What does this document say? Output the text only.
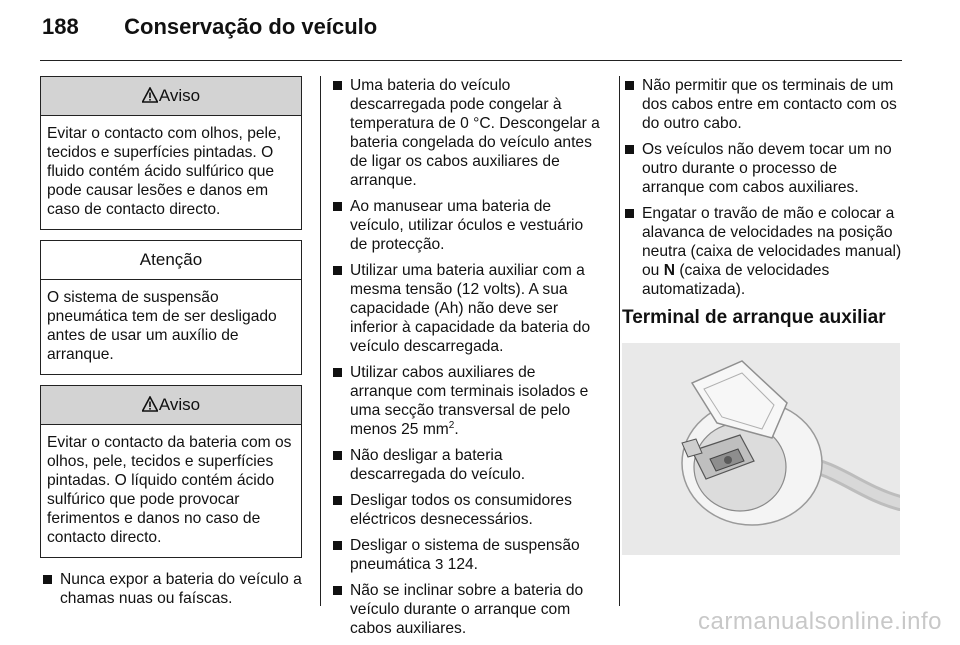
188 Conservação do veículo
Aviso
Evitar o contacto com olhos, pele, tecidos e superfícies pintadas. O fluido contém ácido sulfúrico que pode causar lesões e danos em caso de contacto directo.
Atenção
O sistema de suspensão pneumática tem de ser desligado antes de usar um auxílio de arranque.
Aviso
Evitar o contacto da bateria com os olhos, pele, tecidos e superfícies pintadas. O líquido contém ácido sulfúrico que pode provocar ferimentos e danos no caso de contacto directo.
Nunca expor a bateria do veículo a chamas nuas ou faíscas.
Uma bateria do veículo descarregada pode congelar à temperatura de 0 °C. Descongelar a bateria congelada do veículo antes de ligar os cabos auxiliares de arranque.
Ao manusear uma bateria de veículo, utilizar óculos e vestuário de protecção.
Utilizar uma bateria auxiliar com a mesma tensão (12 volts). A sua capacidade (Ah) não deve ser inferior à capacidade da bateria do veículo descarregada.
Utilizar cabos auxiliares de arranque com terminais isolados e uma secção transversal de pelo menos 25 $mm^2$.
Não desligar a bateria descarregada do veículo.
Desligar todos os consumidores eléctricos desnecessários.
Desligar o sistema de suspensão pneumática 3 124.
Não se inclinar sobre a bateria do veículo durante o arranque com cabos auxiliares.
Não permitir que os terminais de um dos cabos entre em contacto com os do outro cabo.
Os veículos não devem tocar um no outro durante o processo de arranque com cabos auxiliares.
Engatar o travão de mão e colocar a alavanca de velocidades na posição neutra (caixa de velocidades manual) ou N (caixa de velocidades automatizada).
Terminal de arranque auxiliar
carmanualsonline.info
